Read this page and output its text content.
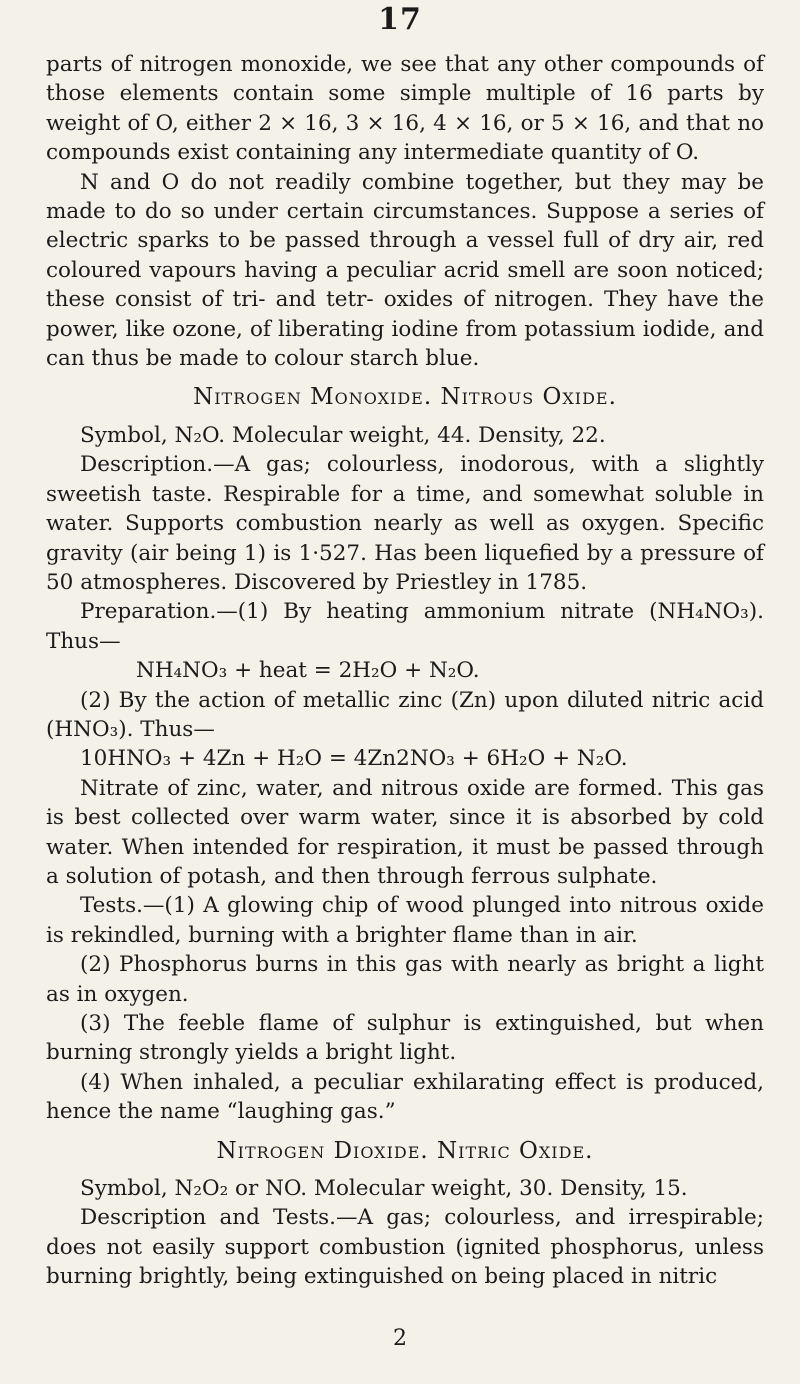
17

parts of nitrogen monoxide, we see that any other compounds of those elements contain some simple multiple of 16 parts by weight of O, either 2 × 16, 3 × 16, 4 × 16, or 5 × 16, and that no compounds exist containing any intermediate quantity of O.

N and O do not readily combine together, but they may be made to do so under certain circumstances. Suppose a series of electric sparks to be passed through a vessel full of dry air, red coloured vapours having a peculiar acrid smell are soon noticed; these consist of tri- and tetr- oxides of nitrogen. They have the power, like ozone, of liberating iodine from potassium iodide, and can thus be made to colour starch blue.

Nitrogen Monoxide. Nitrous Oxide.

Symbol, N₂O. Molecular weight, 44. Density, 22.

Description.—A gas; colourless, inodorous, with a slightly sweetish taste. Respirable for a time, and somewhat soluble in water. Supports combustion nearly as well as oxygen. Specific gravity (air being 1) is 1·527. Has been liquefied by a pressure of 50 atmospheres. Discovered by Priestley in 1785.

Preparation.—(1) By heating ammonium nitrate (NH₄NO₃). Thus—

NH₄NO₃ + heat = 2H₂O + N₂O.

(2) By the action of metallic zinc (Zn) upon diluted nitric acid (HNO₃). Thus—

10HNO₃ + 4Zn + H₂O = 4Zn2NO₃ + 6H₂O + N₂O.

Nitrate of zinc, water, and nitrous oxide are formed. This gas is best collected over warm water, since it is absorbed by cold water. When intended for respiration, it must be passed through a solution of potash, and then through ferrous sulphate.

Tests.—(1) A glowing chip of wood plunged into nitrous oxide is rekindled, burning with a brighter flame than in air.

(2) Phosphorus burns in this gas with nearly as bright a light as in oxygen.

(3) The feeble flame of sulphur is extinguished, but when burning strongly yields a bright light.

(4) When inhaled, a peculiar exhilarating effect is produced, hence the name “laughing gas.”

Nitrogen Dioxide. Nitric Oxide.

Symbol, N₂O₂ or NO. Molecular weight, 30. Density, 15.

Description and Tests.—A gas; colourless, and irrespirable; does not easily support combustion (ignited phosphorus, unless burning brightly, being extinguished on being placed in nitric

2
